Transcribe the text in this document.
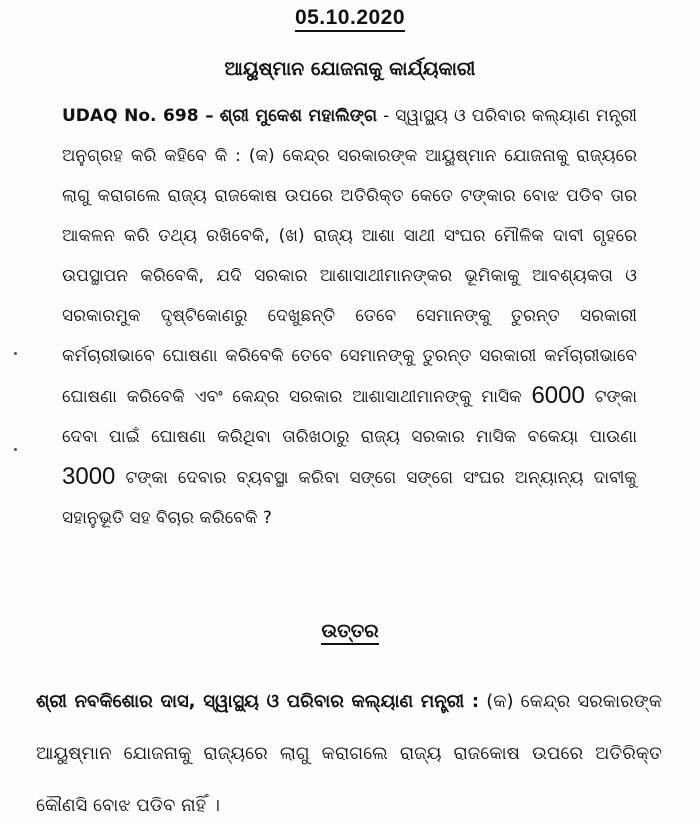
05.10.2020
ଆୟୁଷ୍ମାନ ଯୋଜନାକୁ କାର୍ଯ୍ୟକାରୀ
UDAQ No. 698 – ଶ୍ରୀ ମୁକେଶ ମହାଲିଙ୍ଗ - ସ୍ୱାସ୍ଥ୍ୟ ଓ ପରିବାର କଲ୍ୟାଣ ମନ୍ତ୍ରୀ ଅନୁଗ୍ରହ କରି କହିବେ କି : (କ) କେନ୍ଦ୍ର ସରକାରଙ୍କ ଆୟୁଷ୍ମାନ ଯୋଜନାକୁ ରାଜ୍ୟରେ ଲାଗୁ କରାଗଲେ ରାଜ୍ୟ ରାଜକୋଷ ଉପରେ ଅତିରିକ୍ତ କେତେ ଟଙ୍କାର ବୋଝ ପଡିବ ତାର ଆକଳନ କରି ତଥ୍ୟ ରଖିବେକି, (ଖ) ରାଜ୍ୟ ଆଶା ସାଥୀ ସଂଘର ମୌଳିକ ଦାବୀ ଗୃହରେ ଉପସ୍ଥାପନ କରିବେକି, ଯଦି ସରକାର ଆଶାସାଥୀମାନଙ୍କର ଭୂମିକାକୁ ଆବଶ୍ୟକତା ଓ ସରକାରମୁକ ଦୃଷ୍ଟିକୋଣରୁ ଦେଖୁଛନ୍ତି ତେବେ ସେମାନଙ୍କୁ ତୁରନ୍ତ ସରକାରୀ କର୍ମଚାରୀଭାବେ ଘୋଷଣା କରିବେକି ତେବେ ସେମାନଙ୍କୁ ତୁରନ୍ତ ସରକାରୀ କର୍ମଚାରୀଭାବେ ଘୋଷଣା କରିବେକି ଏବଂ କେନ୍ଦ୍ର ସରକାର ଆଶାସାଥୀମାନଙ୍କୁ ମାସିକ 6000 ଟଙ୍କା ଦେବା ପାଇଁ ଘୋଷଣା କରିଥିବା ତାରିଖଠାରୁ ରାଜ୍ୟ ସରକାର ମାସିକ ବକେୟା ପାଉଣା 3000 ଟଙ୍କା ଦେବାର ବ୍ୟବସ୍ଥା କରିବା ସଙ୍ଗେ ସଙ୍ଗେ ସଂଘର ଅନ୍ୟାନ୍ୟ ଦାବୀକୁ ସହାନୁଭୂତି ସହ ବିଚାର କରିବେକି ?
ଉତ୍ତର
ଶ୍ରୀ ନବକିଶୋର ଦାସ, ସ୍ୱାସ୍ଥ୍ୟ ଓ ପରିବାର କଲ୍ୟାଣ ମନ୍ତ୍ରୀ : (କ) କେନ୍ଦ୍ର ସରକାରଙ୍କ ଆୟୁଷ୍ମାନ ଯୋଜନାକୁ ରାଜ୍ୟରେ ଲାଗୁ କରାଗଲେ ରାଜ୍ୟ ରାଜକୋଷ ଉପରେ ଅତିରିକ୍ତ କୌଣସି ବୋଝ ପଡିବ ନାହିଁ ।
